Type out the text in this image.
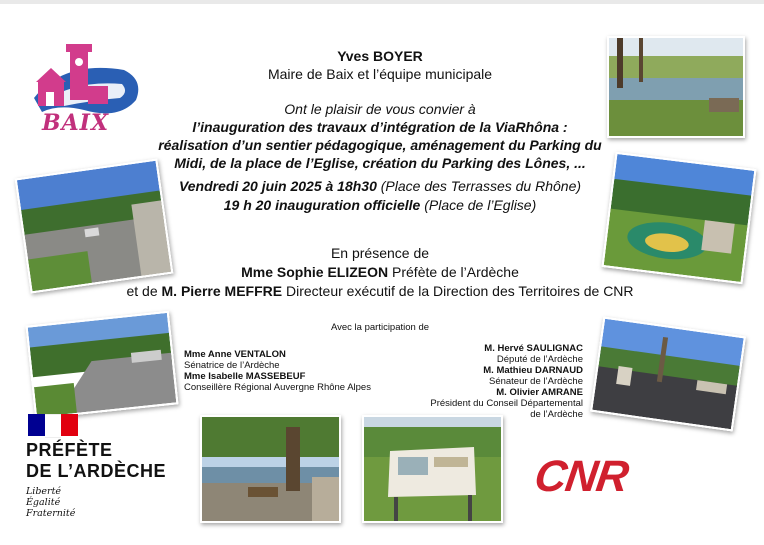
BAIX
Yves BOYER
Maire de Baix et l’équipe municipale
Ont le plaisir de vous convier à
l’inauguration des travaux d’intégration de la ViaRhôna :
réalisation d’un sentier pédagogique, aménagement du Parking du
Midi, de la place de l’Eglise, création du Parking des Lônes, ...
Vendredi 20 juin 2025 à 18h30 (Place des Terrasses du Rhône)
19 h 20 inauguration officielle (Place de l’Eglise)
En présence de
Mme Sophie ELIZEON Préfète de l’Ardèche
et de M. Pierre MEFFRE Directeur exécutif de la Direction des Territoires de CNR
Avec la participation de
Mme Anne VENTALON
Sénatrice de l’Ardèche
Mme Isabelle MASSEBEUF
Conseillère Régional Auvergne Rhône Alpes
M. Hervé SAULIGNAC
Député de l’Ardèche
M. Mathieu DARNAUD
Sénateur de l’Ardèche
M. Olivier AMRANE
Président du Conseil Départemental
de l’Ardèche
PRÉFÈTE
DE L’ARDÈCHE
Liberté
Égalité
Fraternité
CNR
